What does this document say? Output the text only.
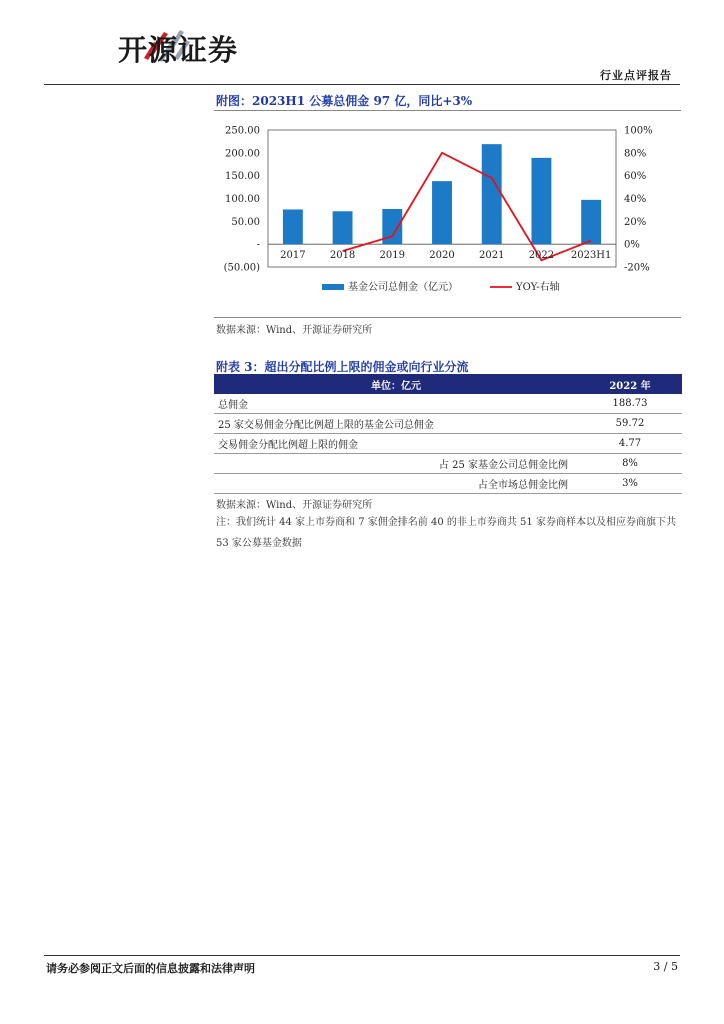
开源证券
行业点评报告
附图：2023H1 公募总佣金 97 亿，同比+3%
(50.00)
-
50.00
100.00
150.00
200.00
250.00
-20%
0%
20%
40%
60%
80%
100%
2017 2018 2019 2020 2021 2022 2023H1
基金公司总佣金（亿元）	YOY-右轴
数据来源：Wind、开源证券研究所
附表 3：超出分配比例上限的佣金或向行业分流
单位：亿元	2022 年
总佣金	188.73
25 家交易佣金分配比例超上限的基金公司总佣金	59.72
交易佣金分配比例超上限的佣金	4.77
占 25 家基金公司总佣金比例	8%
占全市场总佣金比例	3%
数据来源：Wind、开源证券研究所
注：我们统计 44 家上市券商和 7 家佣金排名前 40 的非上市券商共 51 家券商样本以及相应券商旗下共 53 家公募基金数据
请务必参阅正文后面的信息披露和法律声明	3 / 5
